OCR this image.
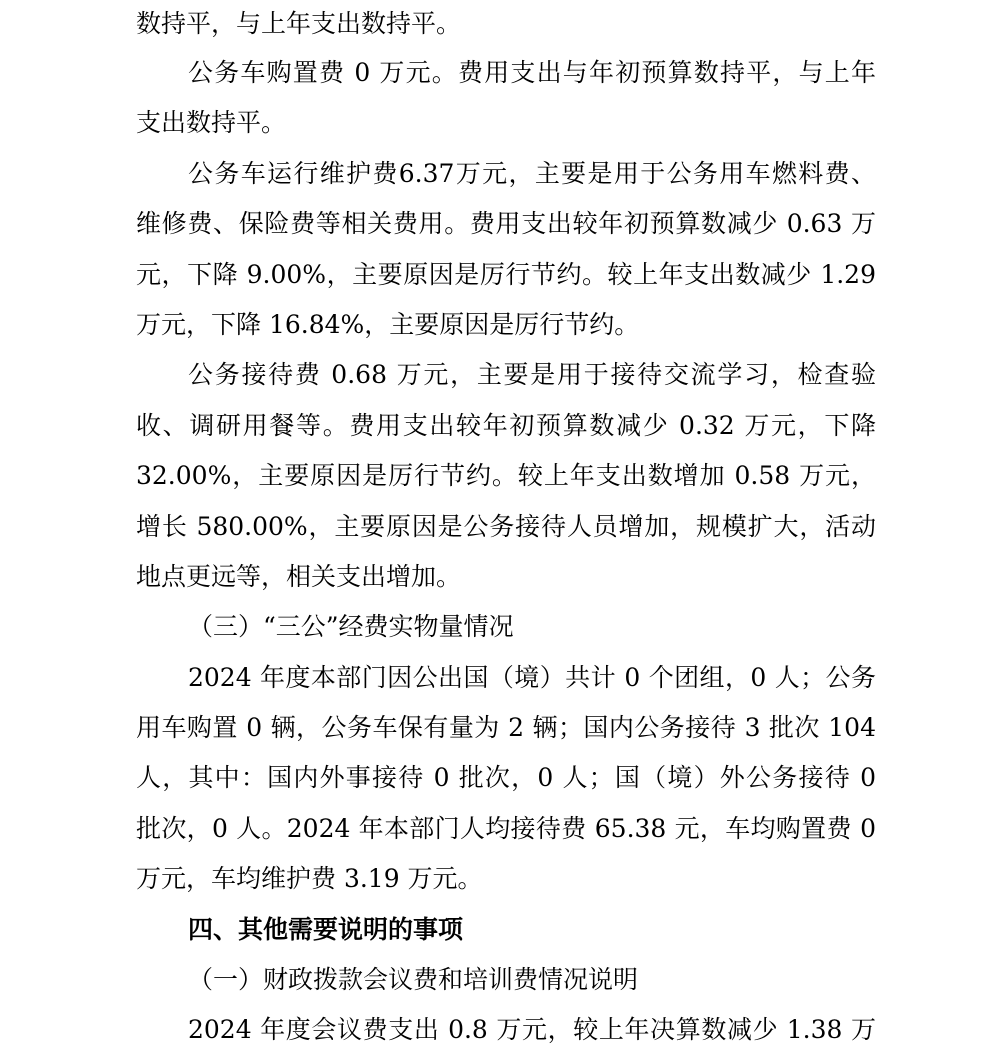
数持平，与上年支出数持平。
公务车购置费 0 万元。费用支出与年初预算数持平，与上年
支出数持平。
公务车运行维护费6.37万元，主要是用于公务用车燃料费、
维修费、保险费等相关费用。费用支出较年初预算数减少 0.63 万
元，下降 9.00%，主要原因是厉行节约。较上年支出数减少 1.29
万元，下降 16.84%，主要原因是厉行节约。
公务接待费 0.68 万元，主要是用于接待交流学习，检查验
收、调研用餐等。费用支出较年初预算数减少 0.32 万元，下降
32.00%，主要原因是厉行节约。较上年支出数增加 0.58 万元，
增长 580.00%，主要原因是公务接待人员增加，规模扩大，活动
地点更远等，相关支出增加。
（三）“三公”经费实物量情况
2024 年度本部门因公出国（境）共计 0 个团组，0 人；公务
用车购置 0 辆，公务车保有量为 2 辆；国内公务接待 3 批次 104
人，其中：国内外事接待 0 批次，0 人；国（境）外公务接待 0
批次，0 人。2024 年本部门人均接待费 65.38 元，车均购置费 0
万元，车均维护费 3.19 万元。
四、其他需要说明的事项
（一）财政拨款会议费和培训费情况说明
2024 年度会议费支出 0.8 万元，较上年决算数减少 1.38 万
